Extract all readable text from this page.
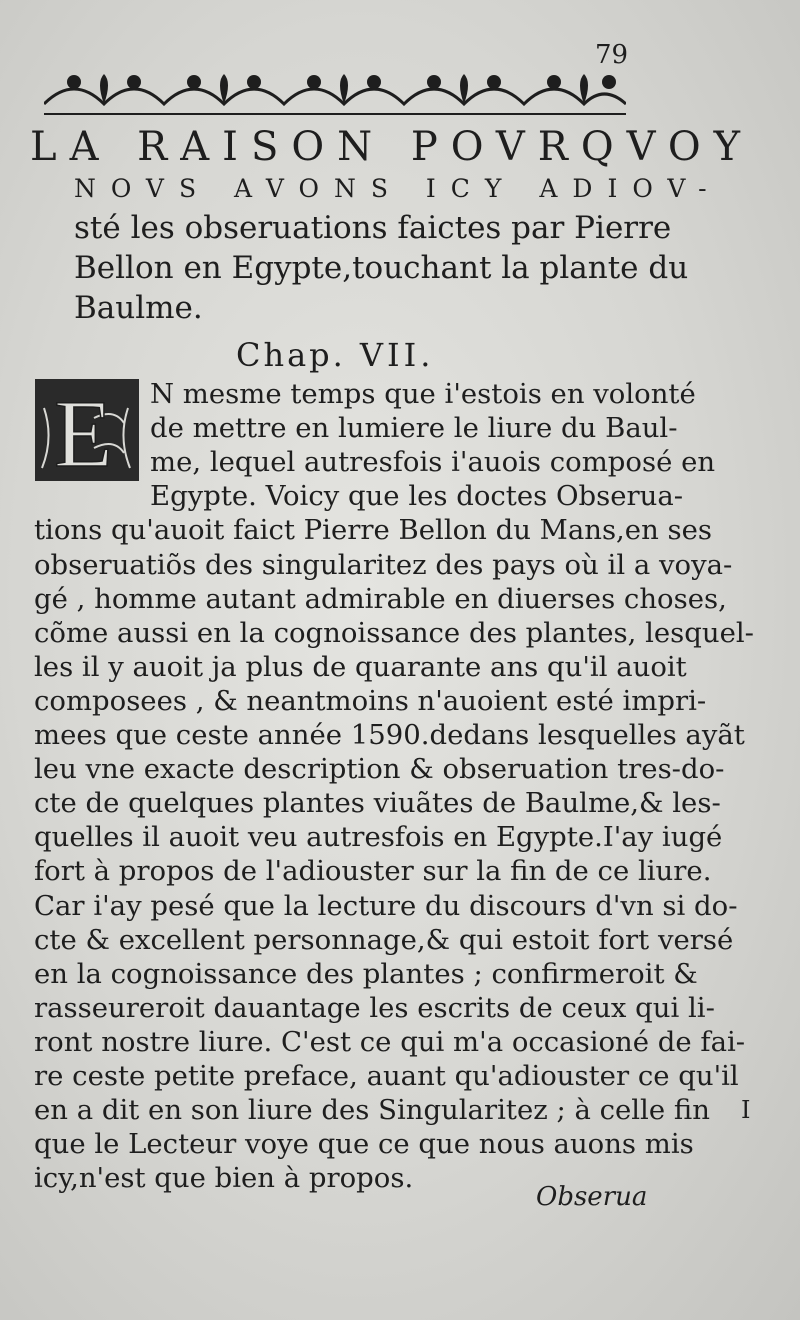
79
LA RAISON POVRQVOY
NOVS AVONS ICY ADIOV-
sté les obseruations faictes par Pierre
Bellon en Egypte,touchant la plante du
Baulme.
Chap. VII.
E N mesme temps que i'estois en volonté
de mettre en lumiere le liure du Baul-
me, lequel autresfois i'auois composé en
Egypte. Voicy que les doctes Obserua-
tions qu'auoit faict Pierre Bellon du Mans,en ses
obseruatiõs des singularitez des pays où il a voya-
gé , homme autant admirable en diuerses choses,
cõme aussi en la cognoissance des plantes, lesquel-
les il y auoit ja plus de quarante ans qu'il auoit
composees , & neantmoins n'auoient esté impri-
mees que ceste année 1590.dedans lesquelles ayãt
leu vne exacte description & obseruation tres-do-
cte de quelques plantes viuãtes de Baulme,& les-
quelles il auoit veu autresfois en Egypte.I'ay iugé
fort à propos de l'adiouster sur la fin de ce liure.
Car i'ay pesé que la lecture du discours d'vn si do-
cte & excellent personnage,& qui estoit fort versé
en la cognoissance des plantes ; confirmeroit &
rasseureroit dauantage les escrits de ceux qui li-
ront nostre liure. C'est ce qui m'a occasioné de fai-
re ceste petite preface, auant qu'adiouster ce qu'il
en a dit en son liure des Singularitez ; à celle fin
que le Lecteur voye que ce que nous auons mis
icy,n'est que bien à propos.
I
Obserua
